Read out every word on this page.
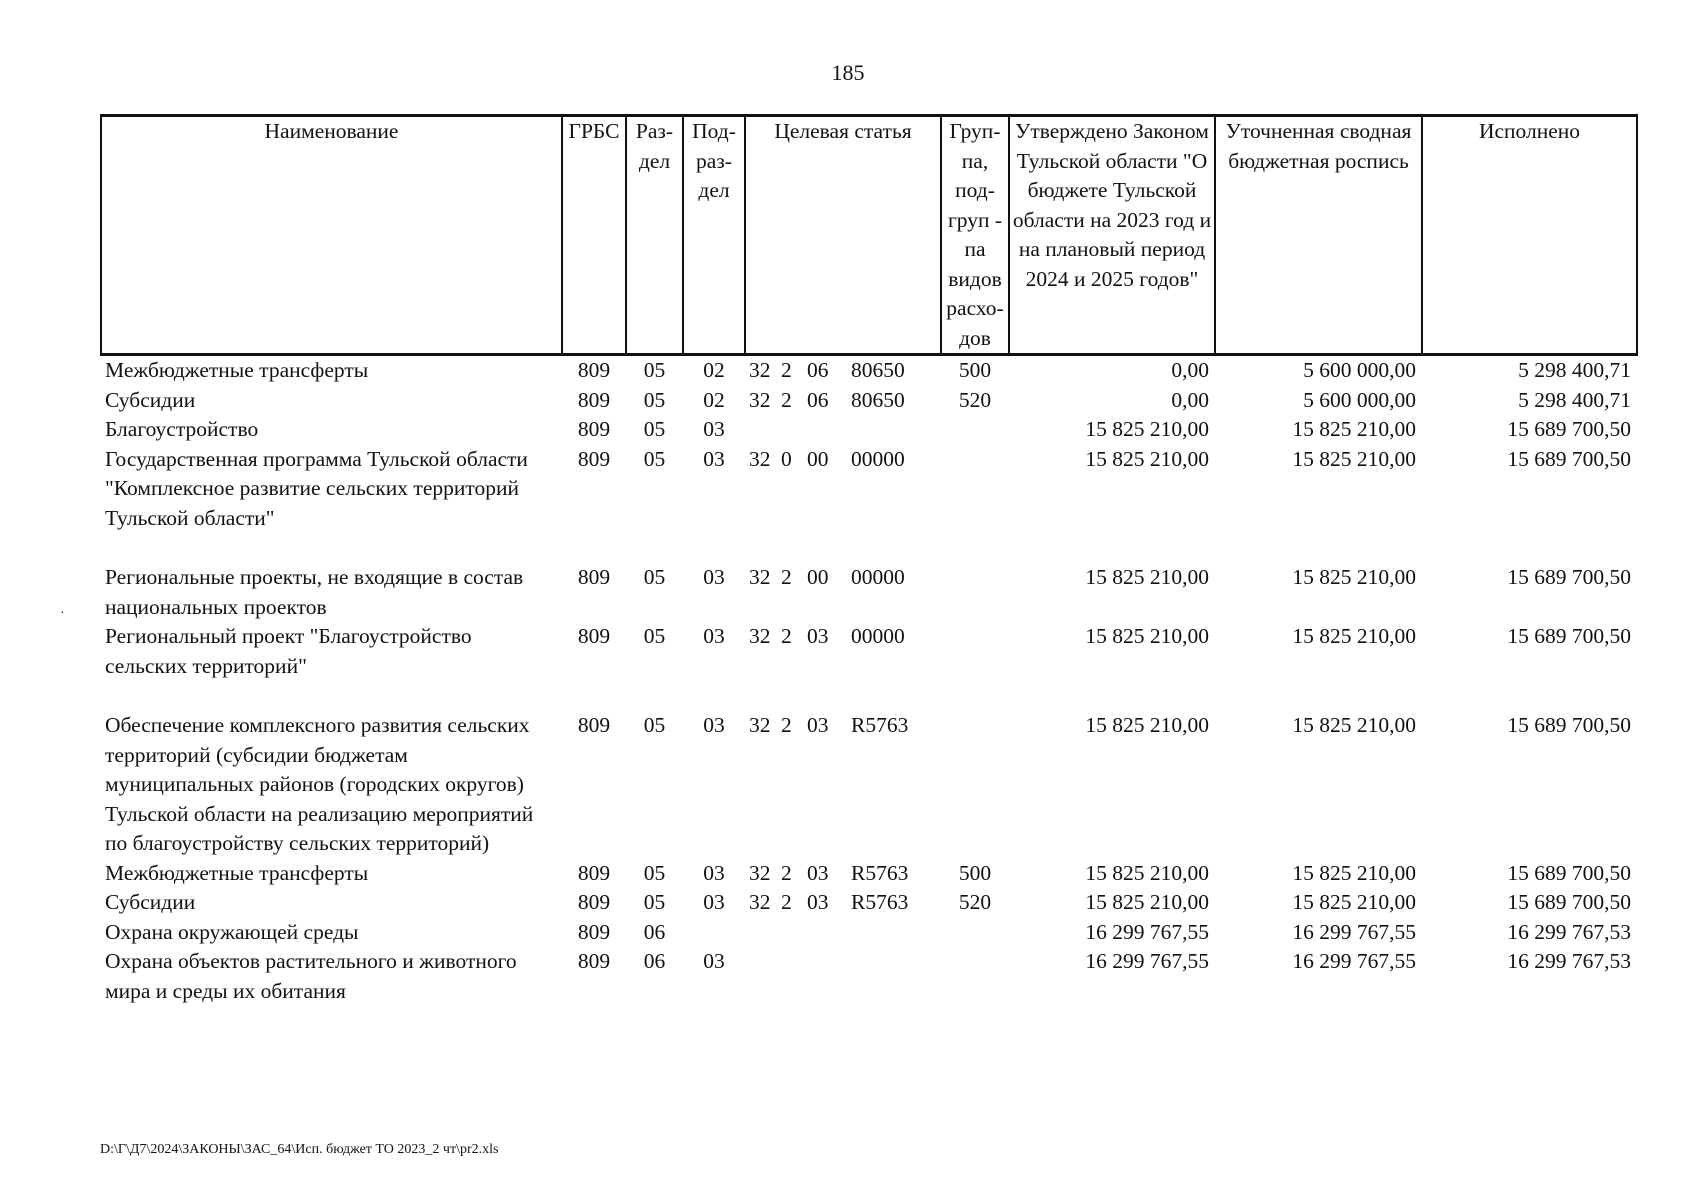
185
·
Наименование	ГРБС	Раз- дел	Под- раз- дел	Целевая статья	Груп- па, под- груп - па видов расхо- дов	Утверждено Законом Тульской области "О бюджете Тульской области на 2023 год и на плановый период 2024 и 2025 годов"	Уточненная сводная бюджетная роспись	Исполнено
Межбюджетные трансферты	809	05	02	32 2 06 80650	500	0,00	5 600 000,00	5 298 400,71
Субсидии	809	05	02	32 2 06 80650	520	0,00	5 600 000,00	5 298 400,71
Благоустройство	809	05	03			15 825 210,00	15 825 210,00	15 689 700,50
Государственная программа Тульской области "Комплексное развитие сельских территорий Тульской области"	809	05	03	32 0 00 00000		15 825 210,00	15 825 210,00	15 689 700,50

Региональные проекты, не входящие в состав национальных проектов	809	05	03	32 2 00 00000		15 825 210,00	15 825 210,00	15 689 700,50
Региональный проект "Благоустройство сельских территорий"	809	05	03	32 2 03 00000		15 825 210,00	15 825 210,00	15 689 700,50

Обеспечение комплексного развития сельских территорий (субсидии бюджетам муниципальных районов (городских округов) Тульской области на реализацию мероприятий по благоустройству сельских территорий)	809	05	03	32 2 03 R5763		15 825 210,00	15 825 210,00	15 689 700,50
Межбюджетные трансферты	809	05	03	32 2 03 R5763	500	15 825 210,00	15 825 210,00	15 689 700,50
Субсидии	809	05	03	32 2 03 R5763	520	15 825 210,00	15 825 210,00	15 689 700,50
Охрана окружающей среды	809	06				16 299 767,55	16 299 767,55	16 299 767,53
Охрана объектов растительного и животного мира и среды их обитания	809	06	03			16 299 767,55	16 299 767,55	16 299 767,53
D:\Г\Д7\2024\ЗАКОНЫ\ЗАС_64\Исп. бюджет ТО 2023_2 чт\pr2.xls
